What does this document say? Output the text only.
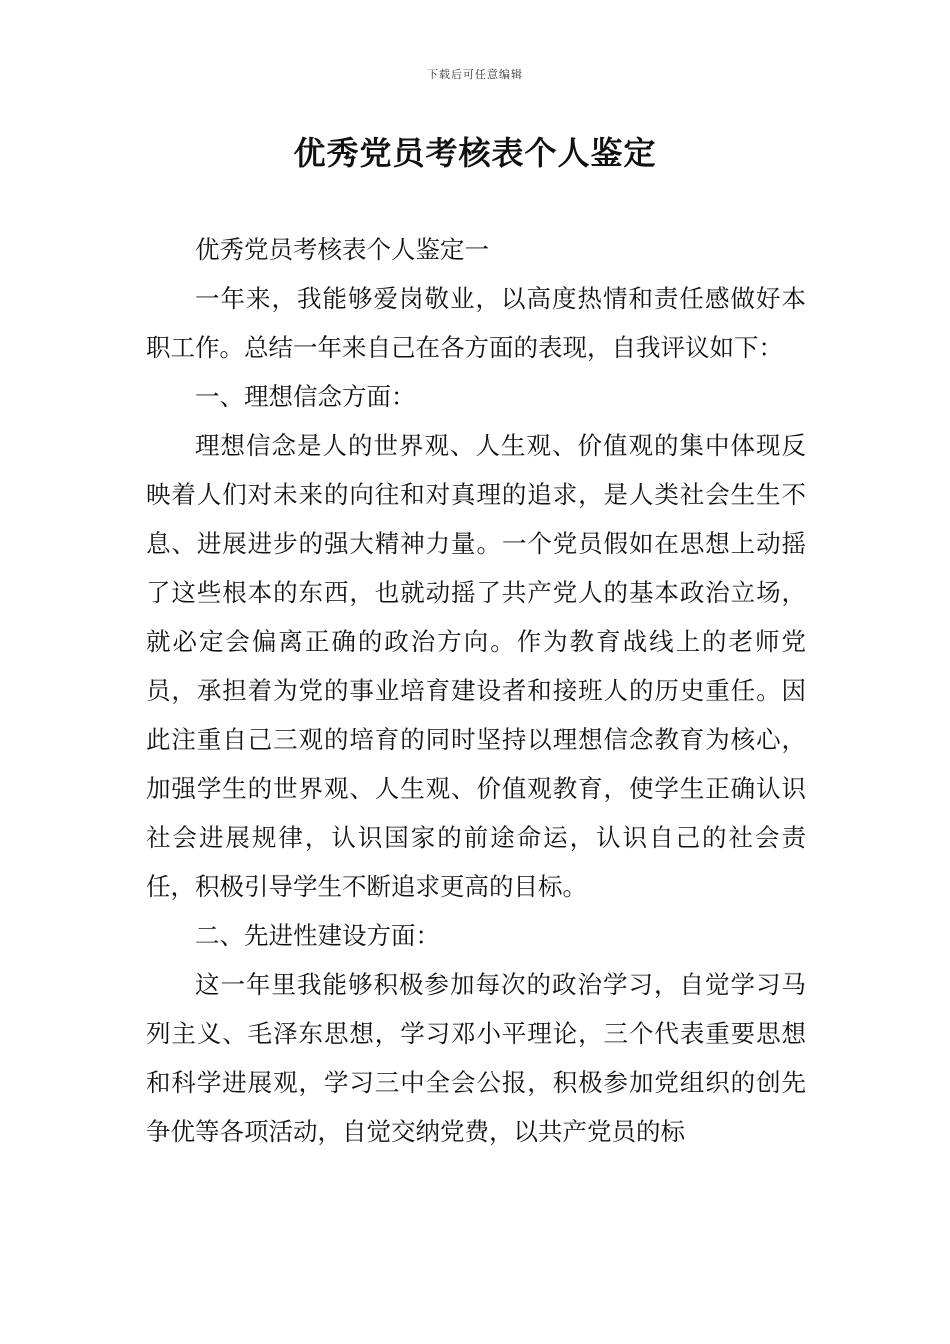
下载后可任意编辑
优秀党员考核表个人鉴定

优秀党员考核表个人鉴定一

一年来，我能够爱岗敬业，以高度热情和责任感做好本职工作。总结一年来自己在各方面的表现，自我评议如下：

一、理想信念方面：

理想信念是人的世界观、人生观、价值观的集中体现反映着人们对未来的向往和对真理的追求，是人类社会生生不息、进展进步的强大精神力量。一个党员假如在思想上动摇了这些根本的东西，也就动摇了共产党人的基本政治立场，就必定会偏离正确的政治方向。作为教育战线上的老师党员，承担着为党的事业培育建设者和接班人的历史重任。因此注重自己三观的培育的同时坚持以理想信念教育为核心，加强学生的世界观、人生观、价值观教育，使学生正确认识社会进展规律，认识国家的前途命运，认识自己的社会责任，积极引导学生不断追求更高的目标。

二、先进性建设方面：

这一年里我能够积极参加每次的政治学习，自觉学习马列主义、毛泽东思想，学习邓小平理论，三个代表重要思想和科学进展观，学习三中全会公报，积极参加党组织的创先争优等各项活动，自觉交纳党费，以共产党员的标
